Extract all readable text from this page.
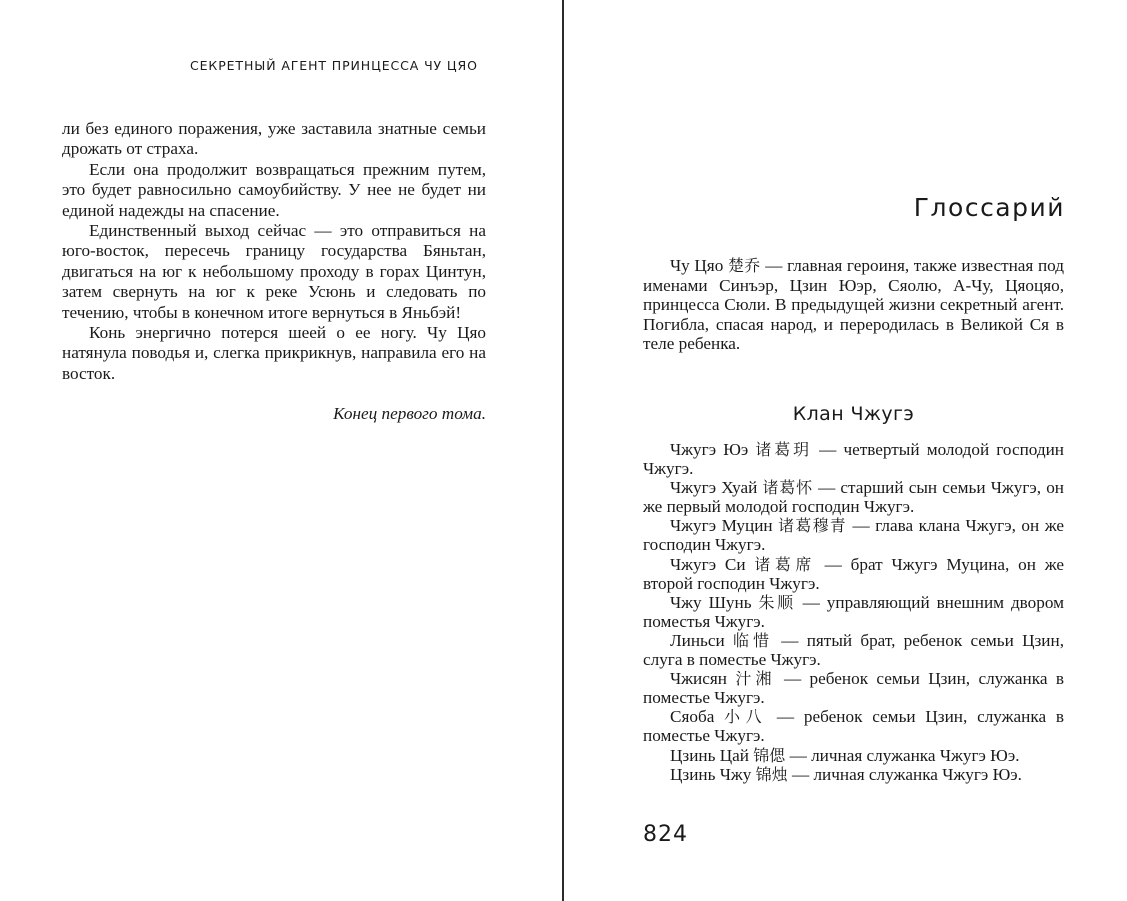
СЕКРЕТНЫЙ АГЕНТ ПРИНЦЕССА ЧУ ЦЯО

ли без единого поражения, уже заставила знатные семьи дрожать от страха.

Если она продолжит возвращаться прежним путем, это будет равносильно самоубийству. У нее не будет ни единой надежды на спасение.

Единственный выход сейчас — это отправиться на юго-восток, пересечь границу государства Бяньтан, двигаться на юг к небольшому проходу в горах Цинтун, затем свернуть на юг к реке Усюнь и следовать по течению, чтобы в конечном итоге вернуться в Яньбэй!

Конь энергично потерся шеей о ее ногу. Чу Цяо натянула поводья и, слегка прикрикнув, направила его на восток.

Конец первого тома.

Глоссарий

Чу Цяо 楚乔 — главная героиня, также известная под именами Синъэр, Цзин Юэр, Сяолю, А-Чу, Цяоцяо, принцесса Сюли. В предыдущей жизни секретный агент. Погибла, спасая народ, и переродилась в Великой Ся в теле ребенка.

Клан Чжугэ

Чжугэ Юэ 诸葛玥 — четвертый молодой господин Чжугэ.

Чжугэ Хуай 诸葛怀 — старший сын семьи Чжугэ, он же первый молодой господин Чжугэ.

Чжугэ Муцин 诸葛穆青 — глава клана Чжугэ, он же господин Чжугэ.

Чжугэ Си 诸葛席 — брат Чжугэ Муцина, он же второй господин Чжугэ.

Чжу Шунь 朱顺 — управляющий внешним двором поместья Чжугэ.

Линьси 临惜 — пятый брат, ребенок семьи Цзин, слуга в поместье Чжугэ.

Чжисян 汁湘 — ребенок семьи Цзин, служанка в поместье Чжугэ.

Сяоба 小八 — ребенок семьи Цзин, служанка в поместье Чжугэ.

Цзинь Цай 锦偲 — личная служанка Чжугэ Юэ.

Цзинь Чжу 锦烛 — личная служанка Чжугэ Юэ.

824
